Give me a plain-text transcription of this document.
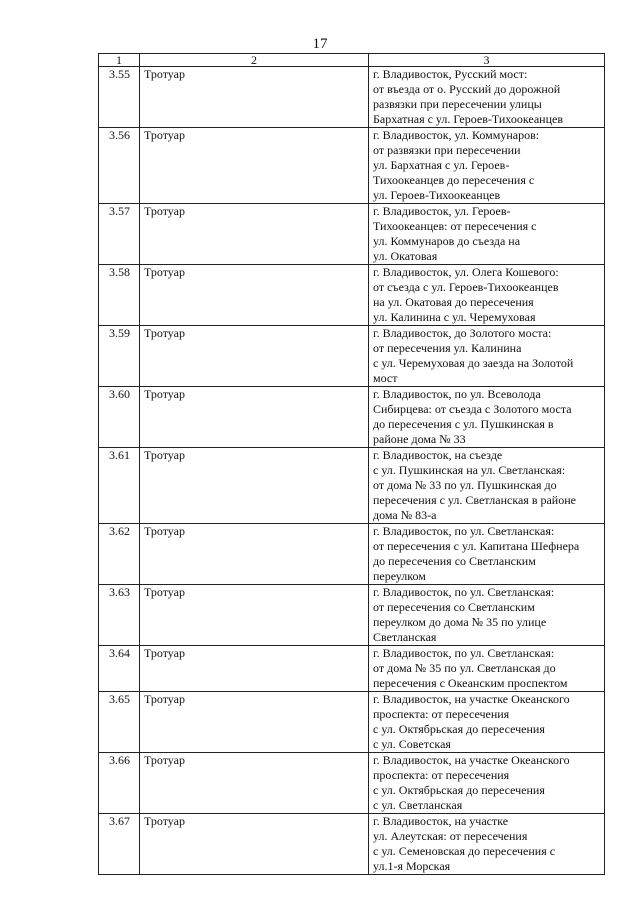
17
1	2	3
3.55	Тротуар	г. Владивосток, Русский мост:
от въезда от о. Русский до дорожной
развязки при пересечении улицы
Бархатная с ул. Героев-Тихоокеанцев

3.56	Тротуар	г. Владивосток, ул. Коммунаров:
от развязки при пересечении
ул. Бархатная с ул. Героев-
Тихоокеанцев до пересечения с
ул. Героев-Тихоокеанцев

3.57	Тротуар	г. Владивосток, ул. Героев-
Тихоокеанцев: от пересечения с
ул. Коммунаров до съезда на
ул. Окатовая

3.58	Тротуар	г. Владивосток, ул. Олега Кошевого:
от съезда с ул. Героев-Тихоокеанцев
на ул. Окатовая до пересечения
ул. Калинина с ул. Черемуховая

3.59	Тротуар	г. Владивосток, до Золотого моста:
от пересечения ул. Калинина
с ул. Черемуховая до заезда на Золотой
мост

3.60	Тротуар	г. Владивосток, по ул. Всеволода
Сибирцева: от съезда с Золотого моста
до пересечения с ул. Пушкинская в
районе дома № 33

3.61	Тротуар	г. Владивосток, на съезде
с ул. Пушкинская на ул. Светланская:
от дома № 33 по ул. Пушкинская до
пересечения с ул. Светланская в районе
дома № 83-а

3.62	Тротуар	г. Владивосток, по ул. Светланская:
от пересечения с ул. Капитана Шефнера
до пересечения со Светланским
переулком

3.63	Тротуар	г. Владивосток, по ул. Светланская:
от пересечения со Светланским
переулком до дома № 35 по улице
Светланская

3.64	Тротуар	г. Владивосток, по ул. Светланская:
от дома № 35 по ул. Светланская до
пересечения с Океанским проспектом

3.65	Тротуар	г. Владивосток, на участке Океанского
проспекта: от пересечения
с ул. Октябрьская до пересечения
с ул. Советская

3.66	Тротуар	г. Владивосток, на участке Океанского
проспекта: от пересечения
с ул. Октябрьская до пересечения
с ул. Светланская

3.67	Тротуар	г. Владивосток, на участке
ул. Алеутская: от пересечения
с ул. Семеновская до пересечения с
ул.1-я Морская
